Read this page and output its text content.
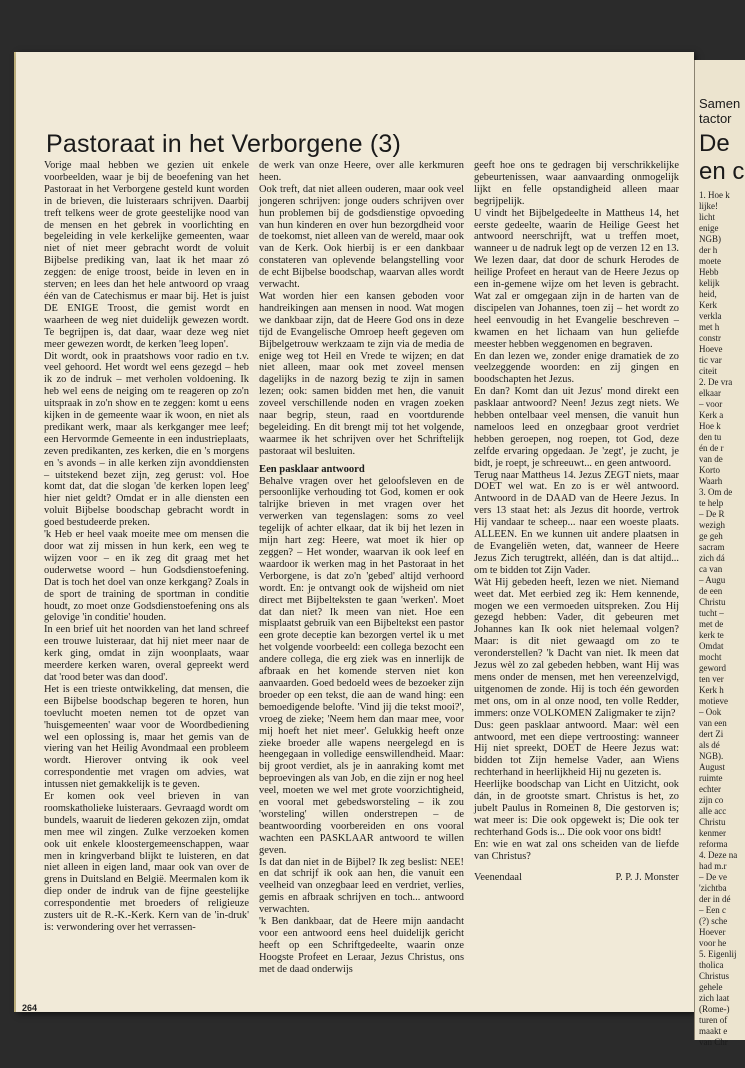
Pastoraat in het Verborgene (3)

Vorige maal hebben we gezien uit enkele voorbeelden, waar je bij de beoefening van het Pastoraat in het Verborgene gesteld kunt worden in de brieven, die luisteraars schrijven. Daarbij treft telkens weer de grote geestelijke nood van de mensen en het gebrek in voorlichting en begeleiding in vele kerkelijke gemeenten, waar niet of niet meer gebracht wordt de voluit Bijbelse prediking van, laat ik het maar zó zeggen: de enige troost, beide in leven en in sterven; en lees dan het hele antwoord op vraag één van de Catechismus er maar bij. Het is juist DE ENIGE Troost, die gemist wordt en waarheen de weg niet duidelijk gewezen wordt. Te begrijpen is, dat daar, waar deze weg niet meer gewezen wordt, de kerken 'leeg lopen'.

Dit wordt, ook in praatshows voor radio en t.v. veel gehoord. Het wordt wel eens gezegd – heb ik zo de indruk – met verholen voldoening. Ik heb wel eens de neiging om te reageren op zo'n uitspraak in zo'n show en te zeggen: komt u eens kijken in de gemeente waar ik woon, en niet als predikant werk, maar als kerkganger mee leef; een Hervormde Gemeente in een industrieplaats, zeven predikanten, zes kerken, die en 's morgens en 's avonds – in alle kerken zijn avonddiensten – uitstekend bezet zijn, zeg gerust: vol. Hoe komt dat, dat die slogan 'de kerken lopen leeg' hier niet geldt? Omdat er in alle diensten een voluit Bijbelse boodschap gebracht wordt in goed bestudeerde preken.

'k Heb er heel vaak moeite mee om mensen die door wat zij missen in hun kerk, een weg te wijzen voor – en ik zeg dit graag met het ouderwetse woord – hun Godsdienstoefening. Dat is toch het doel van onze kerkgang? Zoals in de sport de training de sportman in conditie houdt, zo moet onze Godsdienstoefening ons als gelovige 'in conditie' houden.

In een brief uit het noorden van het land schreef een trouwe luisteraar, dat hij niet meer naar de kerk ging, omdat in zijn woonplaats, waar meerdere kerken waren, overal gepreekt werd dat 'rood beter was dan dood'.

Het is een trieste ontwikkeling, dat mensen, die een Bijbelse boodschap begeren te horen, hun toevlucht moeten nemen tot de opzet van 'huisgemeenten' waar voor de Woordbediening wel een oplossing is, maar het gemis van de viering van het Heilig Avondmaal een probleem wordt. Hierover ontving ik ook veel correspondentie met vragen om advies, wat intussen niet gemakkelijk is te geven.

Er komen ook veel brieven in van roomskatholieke luisteraars. Gevraagd wordt om bundels, waaruit de liederen gekozen zijn, omdat men mee wil zingen. Zulke verzoeken komen ook uit enkele kloostergemeenschappen, waar men in kringverband blijkt te luisteren, en dat niet alleen in eigen land, maar ook van over de grens in Duitsland en België. Meermalen kom ik diep onder de indruk van de fijne geestelijke correspondentie met broeders of religieuze zusters uit de R.-K.-Kerk. Kern van de 'in-druk' is: verwondering over het verrassen-

de werk van onze Heere, over alle kerkmuren heen.

Ook treft, dat niet alleen ouderen, maar ook veel jongeren schrijven: jonge ouders schrijven over hun problemen bij de godsdienstige opvoeding van hun kinderen en over hun bezorgdheid voor de toekomst, niet alleen van de wereld, maar ook van de Kerk. Ook hierbij is er een dankbaar constateren van oplevende belangstelling voor de echt Bijbelse boodschap, waarvan alles wordt verwacht.

Wat worden hier een kansen geboden voor handreikingen aan mensen in nood. Wat mogen we dankbaar zijn, dat de Heere God ons in deze tijd de Evangelische Omroep heeft gegeven om Bijbelgetrouw werkzaam te zijn via de media de enige weg tot Heil en Vrede te wijzen; en dat niet alleen, maar ook met zoveel mensen dagelijks in de nazorg bezig te zijn in samen lezen; ook: samen bidden met hen, die vanuit zoveel verschillende noden en vragen zoeken naar begrip, steun, raad en voortdurende begeleiding. En dit brengt mij tot het volgende, waarmee ik het schrijven over het Schriftelijk pastoraat wil besluiten.

Een pasklaar antwoord

Behalve vragen over het geloofsleven en de persoonlijke verhouding tot God, komen er ook talrijke brieven in met vragen over het verwerken van tegenslagen: soms zo veel tegelijk of achter elkaar, dat ik bij het lezen in mijn hart zeg: Heere, wat moet ik hier op zeggen? – Het wonder, waarvan ik ook leef en waardoor ik werken mag in het Pastoraat in het Verborgene, is dat zo'n 'gebed' altijd verhoord wordt. En: je ontvangt ook de wijsheid om niet direct met Bijbelteksten te gaan 'werken'. Moet dat dan niet? Ik meen van niet. Hoe een misplaatst gebruik van een Bijbeltekst een pastor een grote deceptie kan bezorgen vertel ik u met het volgende voorbeeld: een collega bezocht een andere collega, die erg ziek was en innerlijk de afbraak en het komende sterven niet kon aanvaarden. Goed bedoeld wees de bezoeker zijn broeder op een tekst, die aan de wand hing: een bemoedigende belofte. 'Vind jij die tekst mooi?', vroeg de zieke; 'Neem hem dan maar mee, voor mij hoeft het niet meer'. Gelukkig heeft onze zieke broeder alle wapens neergelegd en is heengegaan in volledige eenswillendheid. Maar: bij groot verdiet, als je in aanraking komt met beproevingen als van Job, en die zijn er nog heel veel, moeten we wel met grote voorzichtigheid, en vooral met gebedsworsteling – ik zou 'worsteling' willen onderstrepen – de beantwoording voorbereiden en ons vooral wachten een PASKLAAR antwoord te willen geven.

Is dat dan niet in de Bijbel? Ik zeg beslist: NEE! en dat schrijf ik ook aan hen, die vanuit een veelheid van onzegbaar leed en verdriet, verlies, gemis en afbraak schrijven en toch... antwoord verwachten.

'k Ben dankbaar, dat de Heere mijn aandacht voor een antwoord eens heel duidelijk gericht heeft op een Schriftgedeelte, waarin onze Hoogste Profeet en Leraar, Jezus Christus, ons met de daad onderwijs

geeft hoe ons te gedragen bij verschrikkelijke gebeurtenissen, waar aanvaarding onmogelijk lijkt en felle opstandigheid alleen maar begrijpelijk.

U vindt het Bijbelgedeelte in Mattheus 14, het eerste gedeelte, waarin de Heilige Geest het antwoord neerschrijft, wat u treffen moet, wanneer u de nadruk legt op de verzen 12 en 13. We lezen daar, dat door de schurk Herodes de heilige Profeet en heraut van de Heere Jezus op een in-gemene wijze om het leven is gebracht. Wat zal er omgegaan zijn in de harten van de discipelen van Johannes, toen zij – het wordt zo heel eenvoudig in het Evangelie beschreven – kwamen en het lichaam van hun geliefde meester hebben weggenomen en begraven.

En dan lezen we, zonder enige dramatiek de zo veelzeggende woorden: en zij gingen en boodschapten het Jezus.

En dan? Komt dan uit Jezus' mond direkt een pasklaar antwoord? Neen! Jezus zegt niets. We hebben ontelbaar veel mensen, die vanuit hun nameloos leed en onzegbaar groot verdriet hebben geroepen, nog roepen, tot God, deze zelfde ervaring opgedaan. Je 'zegt', je zucht, je bidt, je roept, je schreeuwt... en geen antwoord.

Terug naar Mattheus 14. Jezus ZEGT niets, maar DOET wel wat. En zo is er wèl antwoord. Antwoord in de DAAD van de Heere Jezus. In vers 13 staat het: als Jezus dit hoorde, vertrok Hij vandaar te scheep... naar een woeste plaats. ALLEEN. En we kunnen uit andere plaatsen in de Evangeliën weten, dat, wanneer de Heere Jezus Zich terugtrekt, alléén, dan is dat altijd... om te bidden tot Zijn Vader.

Wàt Hij gebeden heeft, lezen we niet. Niemand weet dat. Met eerbied zeg ik: Hem kennende, mogen we een vermoeden uitspreken. Zou Hij gezegd hebben: Vader, dit gebeuren met Johannes kan Ik ook niet helemaal volgen? Maar: is dit niet gewaagd om zo te veronderstellen? 'k Dacht van niet. Ik meen dat Jezus wèl zo zal gebeden hebben, want Hij was mens onder de mensen, met hen vereenzelvigd, uitgenomen de zonde. Hij is toch één geworden met ons, om in al onze nood, ten volle Redder, immers: onze VOLKOMEN Zaligmaker te zijn?

Dus: geen pasklaar antwoord. Maar: wèl een antwoord, met een diepe vertroosting: wanneer Hij niet spreekt, DOET de Heere Jezus wat: bidden tot Zijn hemelse Vader, aan Wiens rechterhand in heerlijkheid Hij nu gezeten is.

Heerlijke boodschap van Licht en Uitzicht, ook dán, in de grootste smart. Christus is het, zo jubelt Paulus in Romeinen 8, Die gestorven is; wat meer is: Die ook opgewekt is; Die ook ter rechterhand Gods is... Die ook voor ons bidt!

En: wie en wat zal ons scheiden van de liefde van Christus?

Veenendaal	P. P. J. Monster
264
Samen
tactor
De
en c
1. Hoe k
lijke!
licht
enige
NGB)
der h
moete
Hebb
kelijk
heid,
Kerk
verkla
met h
constr
Hoeve
tic var
citeit
2. De vra
elkaar
– voor
Kerk a
Hoe k
den tu
én de r
van de
Korto
Waarh
3. Om de
te help
– De R
wezigh
ge geh
sacram
zich dá
ca van
– Augu
de een
Christu
tucht –
met de
kerk te
Omdat
mocht
geword
ten ver
Kerk h
motieve
– Ook
van een
dert Zi
als dé
NGB).
August
ruimte
echter
zijn co
alle acc
Christu
kenmer
reforma
4. Deze na
had m.r
– De ve
'zichtba
der in dé
– Een c
(?) sche
Hoever
voor he
5. Eigenlij
tholica
Christus
gehele
zich laat
(Rome-)
turen of
maakt e
van Chr
